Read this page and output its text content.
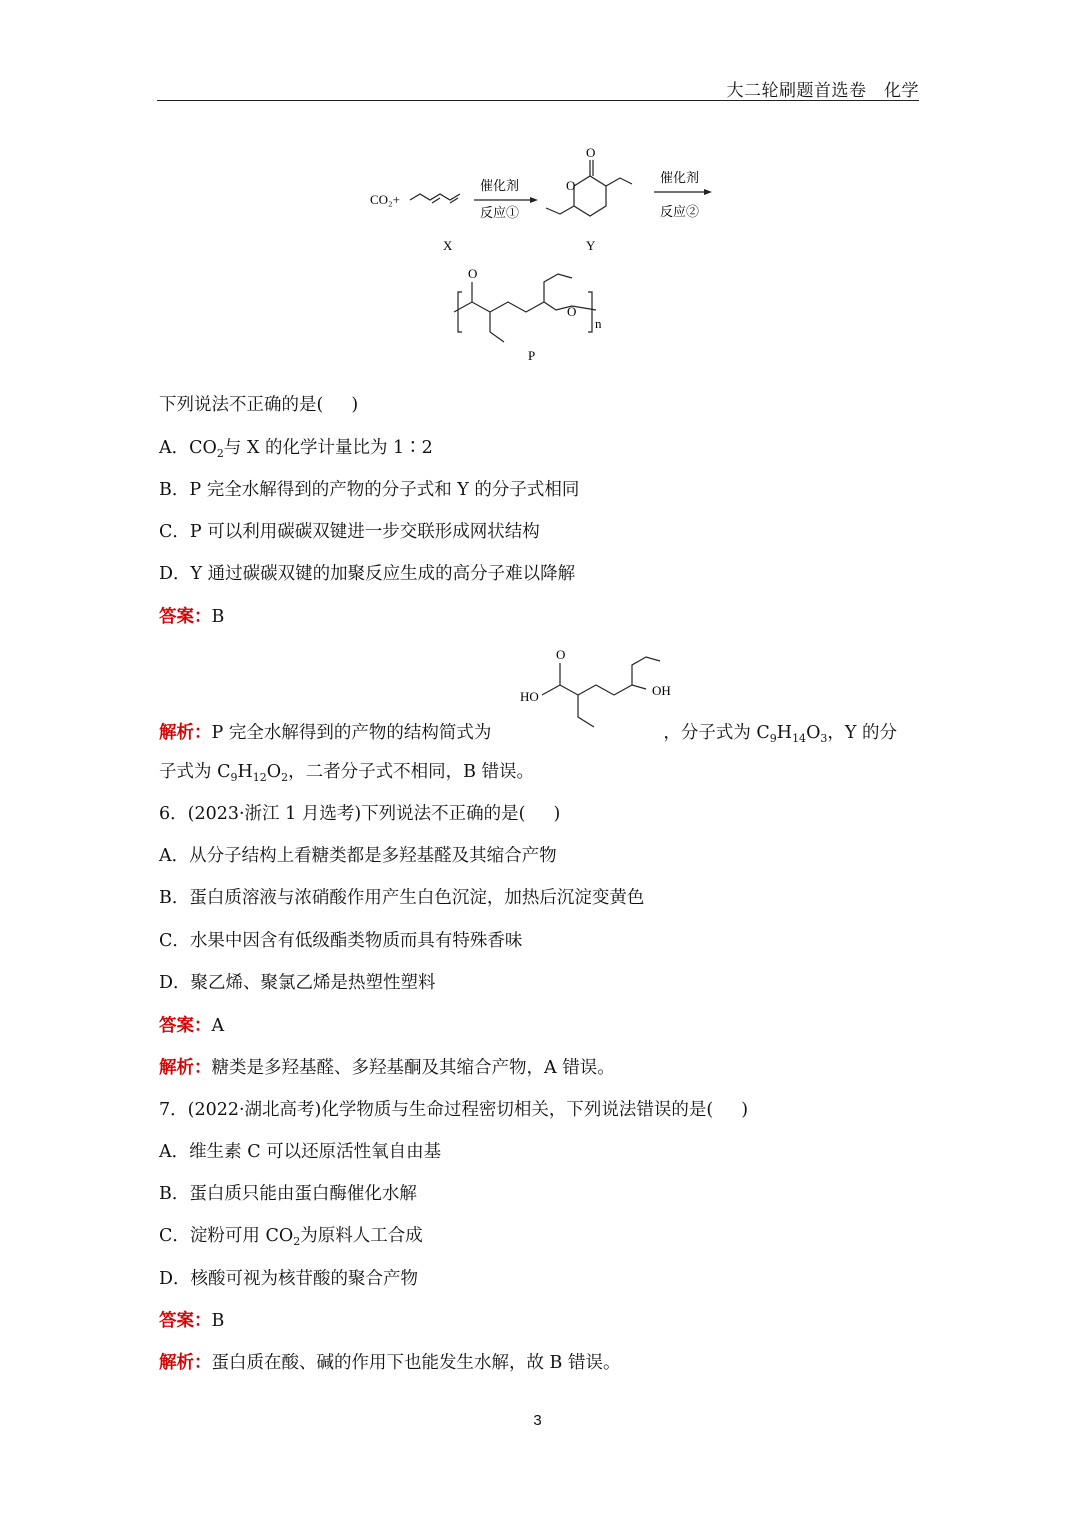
大二轮刷题首选卷　化学
CO₂+
X
催化剂
反应①
O
O
Y
催化剂
反应②
O
O
n
P
下列说法不正确的是( )
A．$CO_2$与 X 的化学计量比为 1∶2
B．P 完全水解得到的产物的分子式和 Y 的分子式相同
C．P 可以利用碳碳双键进一步交联形成网状结构
D．Y 通过碳碳双键的加聚反应生成的高分子难以降解
答案：B
HO
O
OH
解析：P 完全水解得到的产物的结构简式为	，分子式为 $C_9H_{14}O_3$，Y 的分
子式为 $C_9H_{12}O_2$，二者分子式不相同，B 错误。
6．(2023·浙江 1 月选考)下列说法不正确的是( )
A．从分子结构上看糖类都是多羟基醛及其缩合产物
B．蛋白质溶液与浓硝酸作用产生白色沉淀，加热后沉淀变黄色
C．水果中因含有低级酯类物质而具有特殊香味
D．聚乙烯、聚氯乙烯是热塑性塑料
答案：A
解析：糖类是多羟基醛、多羟基酮及其缩合产物，A 错误。
7．(2022·湖北高考)化学物质与生命过程密切相关，下列说法错误的是( )
A．维生素 C 可以还原活性氧自由基
B．蛋白质只能由蛋白酶催化水解
C．淀粉可用 $CO_2$为原料人工合成
D．核酸可视为核苷酸的聚合产物
答案：B
解析：蛋白质在酸、碱的作用下也能发生水解，故 B 错误。
3
